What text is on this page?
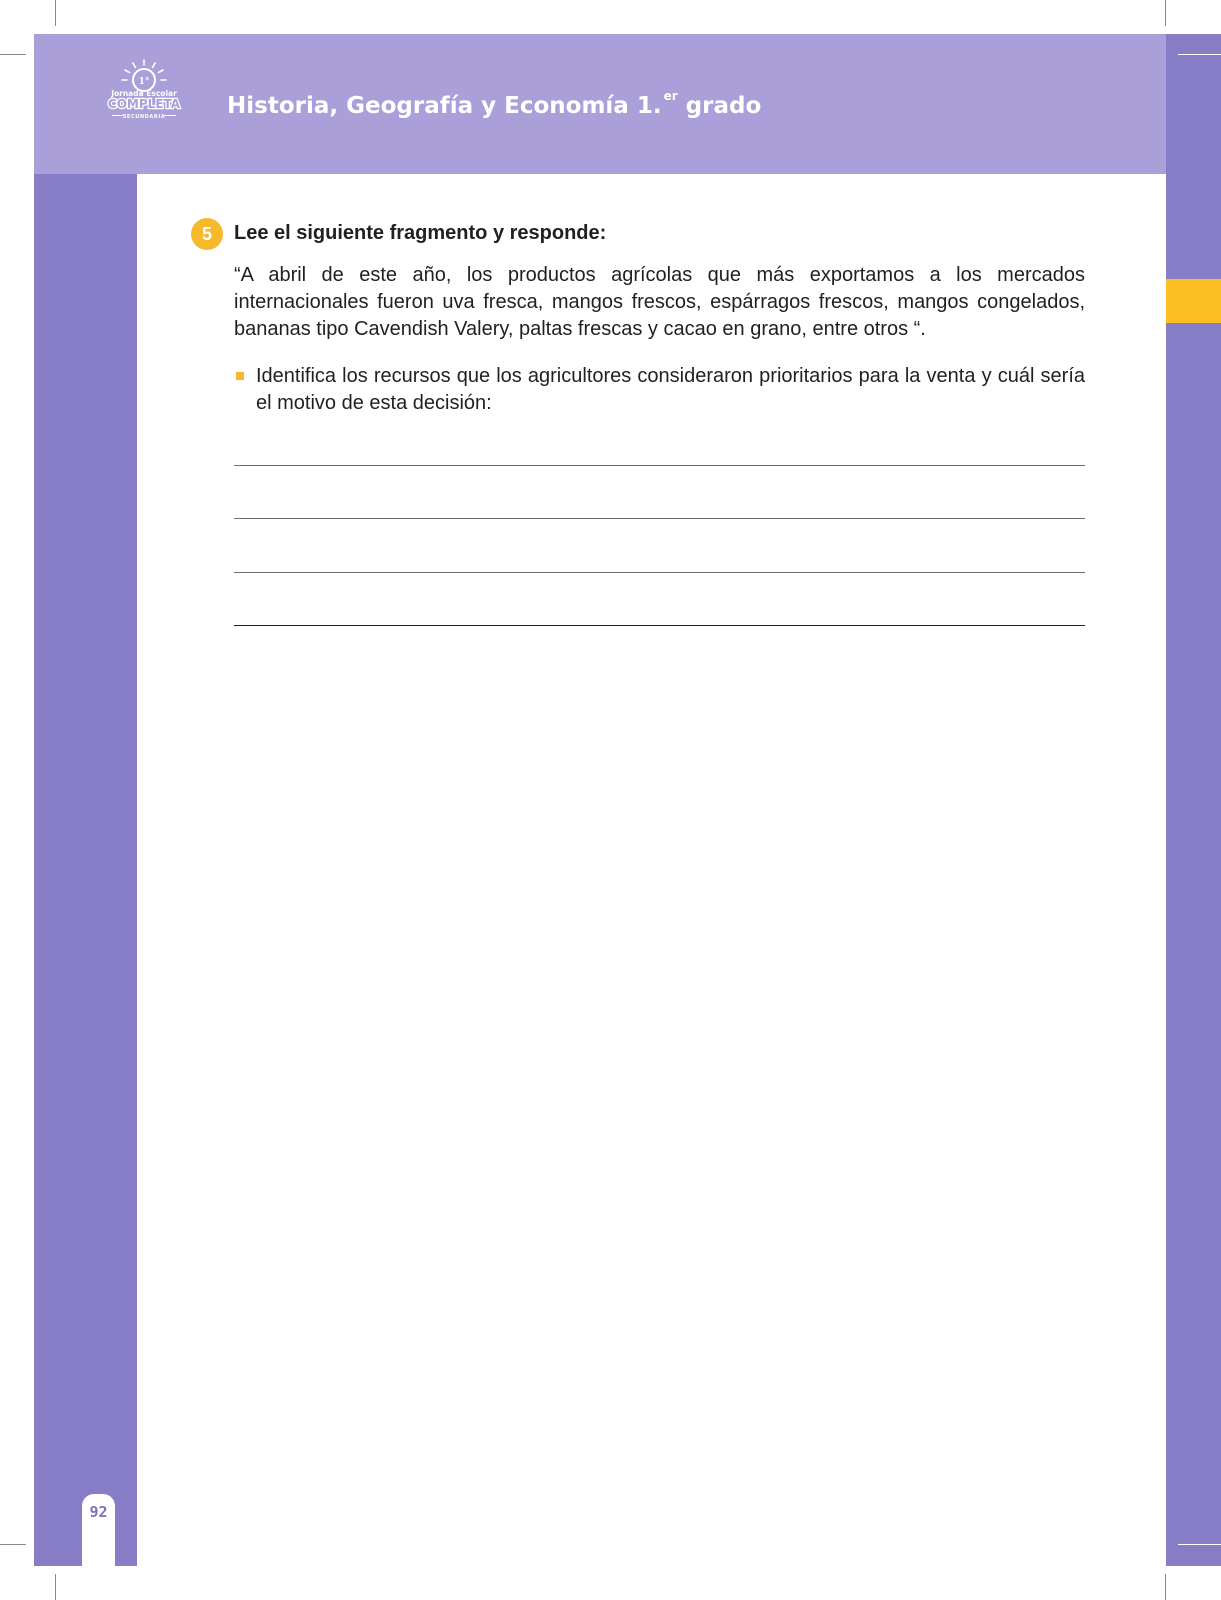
1°
Jornada Escolar
COMPLETA
SECUNDARIA	Historia, Geografía y Economía 1. $^{er}$ grado
92
5	Lee el siguiente fragmento y responde:
“A abril de este año, los productos agrícolas que más exportamos a los mercados internacionales fueron uva fresca, mangos frescos, espárragos frescos, mangos congelados, bananas tipo Cavendish Valery, paltas frescas y cacao en grano, entre otros “.
Identifica los recursos que los agricultores consideraron prioritarios para la venta y cuál sería el motivo de esta decisión:
